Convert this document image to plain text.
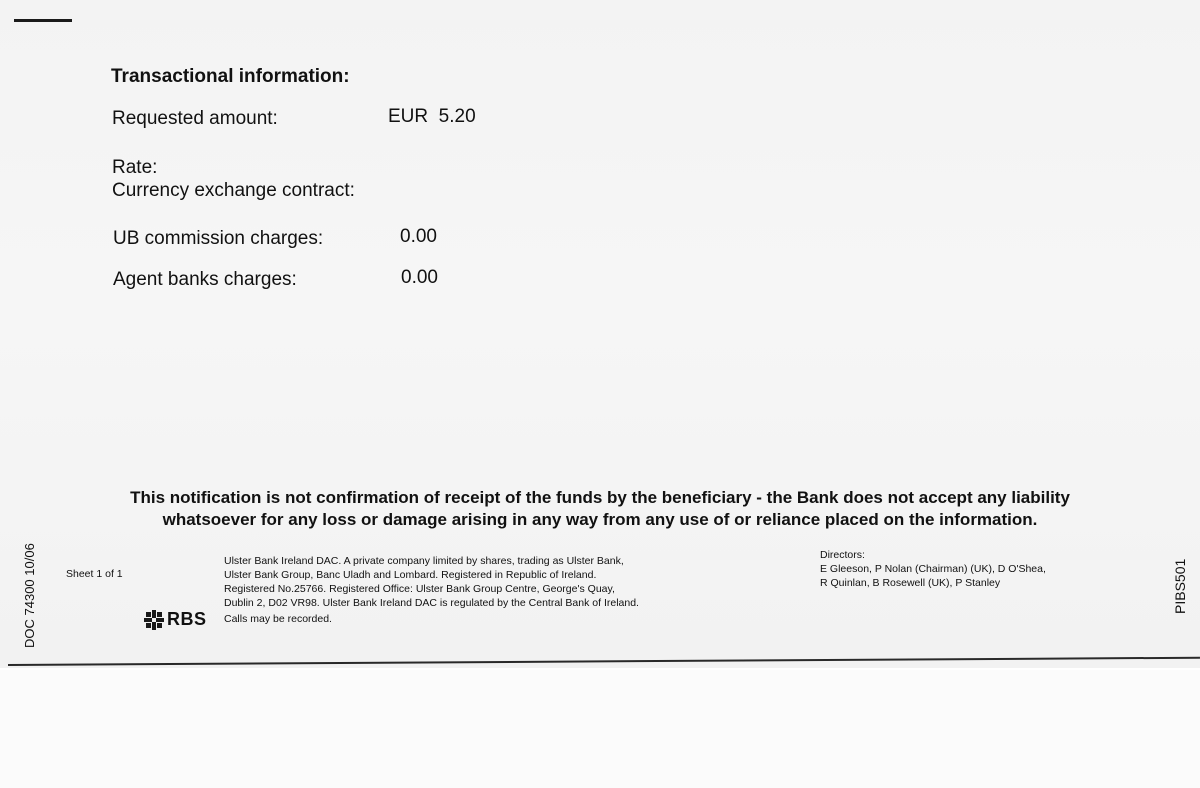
Transactional information:
Requested amount:	EUR  5.20
Rate:
Currency exchange contract:
UB commission charges:	0.00
Agent banks charges:	0.00
This notification is not confirmation of receipt of the funds by the beneficiary - the Bank does not accept any liability whatsoever for any loss or damage arising in any way from any use of or reliance placed on the information.
DOC 74300 10/06	Sheet 1 of 1
RBS
Ulster Bank Ireland DAC. A private company limited by shares, trading as Ulster Bank,
Ulster Bank Group, Banc Uladh and Lombard. Registered in Republic of Ireland.
Registered No.25766. Registered Office: Ulster Bank Group Centre, George's Quay,
Dublin 2, D02 VR98. Ulster Bank Ireland DAC is regulated by the Central Bank of Ireland.
Calls may be recorded.
Directors:
E Gleeson, P Nolan (Chairman) (UK), D O'Shea,
R Quinlan, B Rosewell (UK), P Stanley	PIBS501
